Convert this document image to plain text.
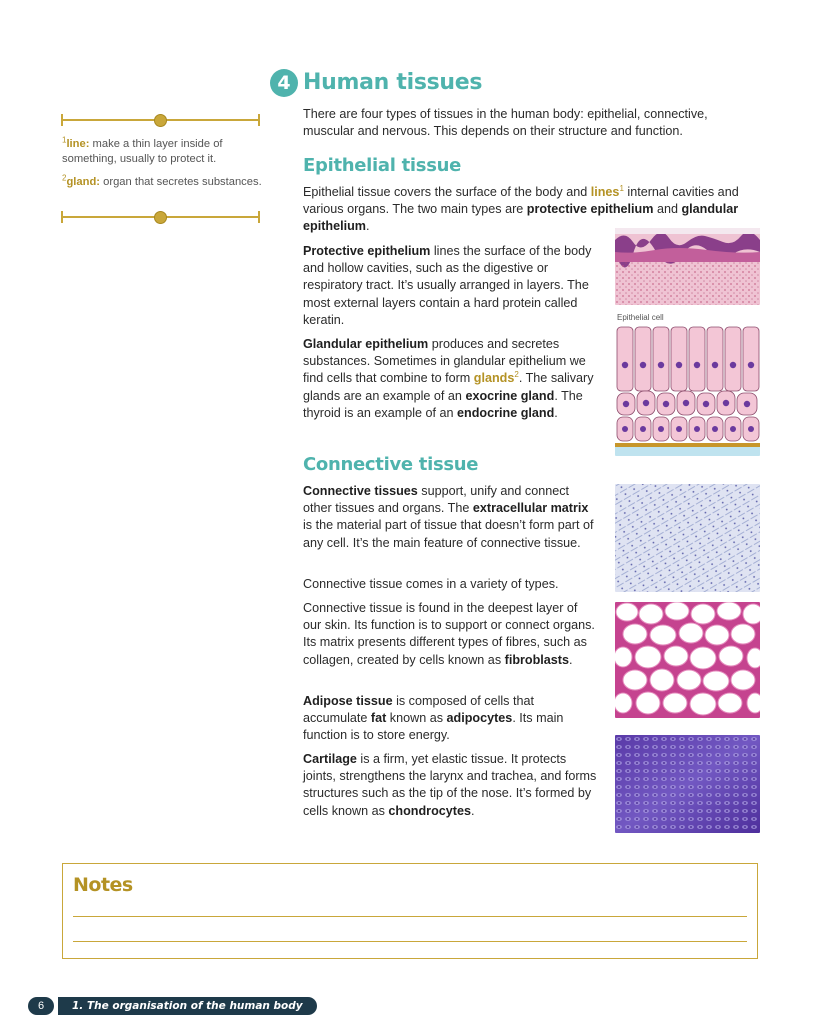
4 Human tissues
There are four types of tissues in the human body: epithelial, connective, muscular and nervous. This depends on their structure and function.
$^1$line: make a thin layer inside of something, usually to protect it.
$^2$gland: organ that secretes substances.
Epithelial tissue
Epithelial tissue covers the surface of the body and lines$^1$ internal cavities and various organs. The two main types are protective epithelium and glandular epithelium.
Protective epithelium lines the surface of the body and hollow cavities, such as the digestive or respiratory tract. It’s usually arranged in layers. The most external layers contain a hard protein called keratin.
Glandular epithelium produces and secretes substances. Sometimes in glandular epithelium we find cells that combine to form glands$^2$. The salivary glands are an example of an exocrine gland. The thyroid is an example of an endocrine gland.
Epithelial cell
Connective tissue
Connective tissues support, unify and connect other tissues and organs. The extracellular matrix is the material part of tissue that doesn’t form part of any cell. It’s the main feature of connective tissue.
Connective tissue comes in a variety of types.
Connective tissue is found in the deepest layer of our skin. Its function is to support or connect organs. Its matrix presents different types of fibres, such as collagen, created by cells known as fibroblasts.
Adipose tissue is composed of cells that accumulate fat known as adipocytes. Its main function is to store energy.
Cartilage is a firm, yet elastic tissue. It protects joints, strengthens the larynx and trachea, and forms structures such as the tip of the nose. It’s formed by cells known as chondrocytes.
Notes
6	1. The organisation of the human body
